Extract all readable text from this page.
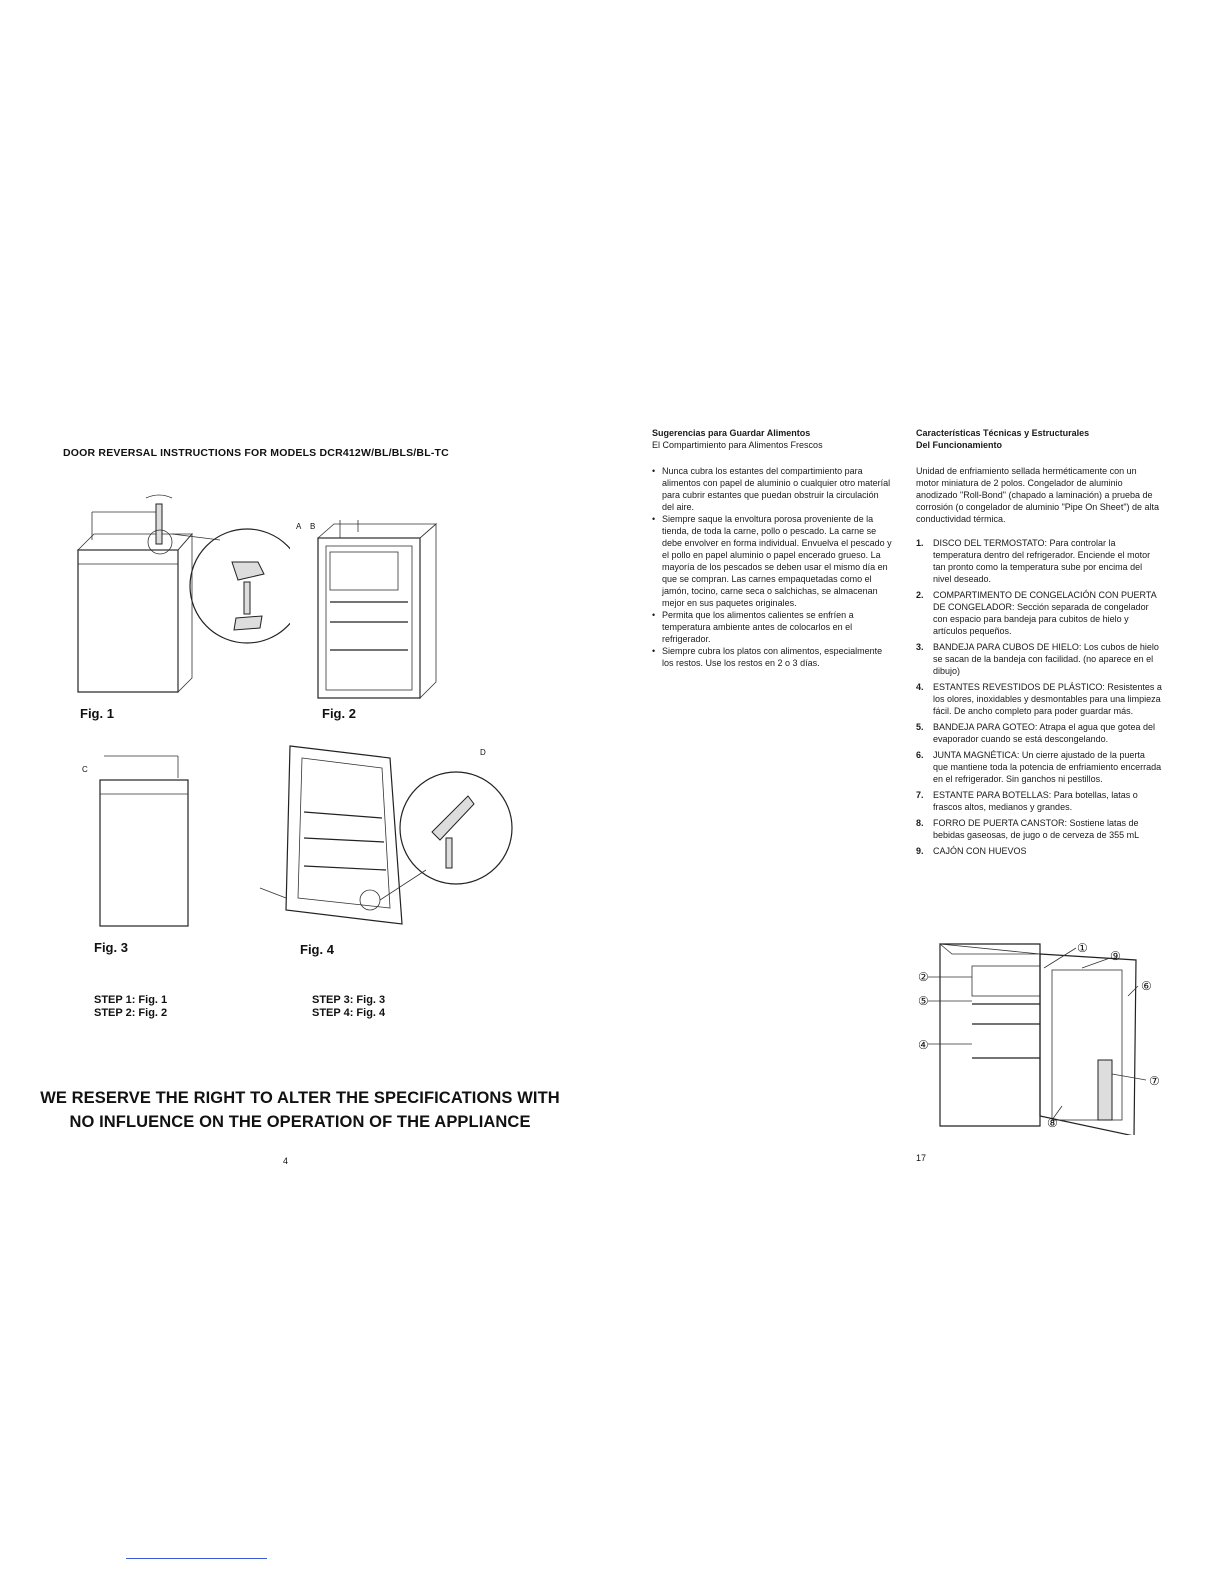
DOOR REVERSAL INSTRUCTIONS FOR MODELS DCR412W/BL/BLS/BL-TC
Fig. 1
A B
Fig. 2
C
Fig. 3
D
Fig. 4
STEP 1: Fig. 1
STEP 2: Fig. 2
STEP 3: Fig. 3
STEP 4: Fig. 4
WE RESERVE THE RIGHT TO ALTER THE SPECIFICATIONS WITH
NO INFLUENCE ON THE OPERATION OF THE APPLIANCE
4
Sugerencias para Guardar Alimentos
El Compartimiento para Alimentos Frescos
• Nunca cubra los estantes del compartimiento para alimentos con papel de aluminio o cualquier otro materíal para cubrir estantes que puedan obstruir la circulación del aire.
• Siempre saque la envoltura porosa proveniente de la tienda, de toda la carne, pollo o pescado. La carne se debe envolver en forma individual. Envuelva el pescado y el pollo en papel aluminio o papel encerado grueso. La mayoría de los pescados se deben usar el mismo día en que se compran. Las carnes empaquetadas como el jamón, tocino, carne seca o salchichas, se almacenan mejor en sus paquetes originales.
• Permita que los alimentos calientes se enfríen a temperatura ambiente antes de colocarlos en el refrigerador.
• Siempre cubra los platos con alimentos, especialmente los restos. Use los restos en 2 o 3 días.
Características Técnicas y Estructurales
Del Funcionamiento
Unidad de enfriamiento sellada herméticamente con un motor miniatura de 2 polos. Congelador de aluminio anodizado "Roll-Bond" (chapado a laminación) a prueba de corrosión (o congelador de aluminio "Pipe On Sheet") de alta conductividad térmica.
1. DISCO DEL TERMOSTATO: Para controlar la temperatura dentro del refrigerador. Enciende el motor tan pronto como la temperatura sube por encima del nivel deseado.
2. COMPARTIMENTO DE CONGELACIÓN CON PUERTA DE CONGELADOR: Sección separada de congelador con espacio para bandeja para cubitos de hielo y artículos pequeños.
3. BANDEJA PARA CUBOS DE HIELO: Los cubos de hielo se sacan de la bandeja con facilidad. (no aparece en el dibujo)
4. ESTANTES REVESTIDOS DE PLÁSTICO: Resistentes a los olores, inoxidables y desmontables para una limpieza fácil. De ancho completo para poder guardar más.
5. BANDEJA PARA GOTEO: Atrapa el agua que gotea del evaporador cuando se está descongelando.
6. JUNTA MAGNÉTICA: Un cierre ajustado de la puerta que mantiene toda la potencia de enfriamiento encerrada en el refrigerador. Sin ganchos ni pestillos.
7. ESTANTE PARA BOTELLAS: Para botellas, latas o frascos altos, medianos y grandes.
8. FORRO DE PUERTA CANSTOR: Sostiene latas de bebidas gaseosas, de jugo o de cerveza de 355 mL
9. CAJÓN CON HUEVOS
①
②
⑤
④
⑨
⑥
⑦
⑧
17
